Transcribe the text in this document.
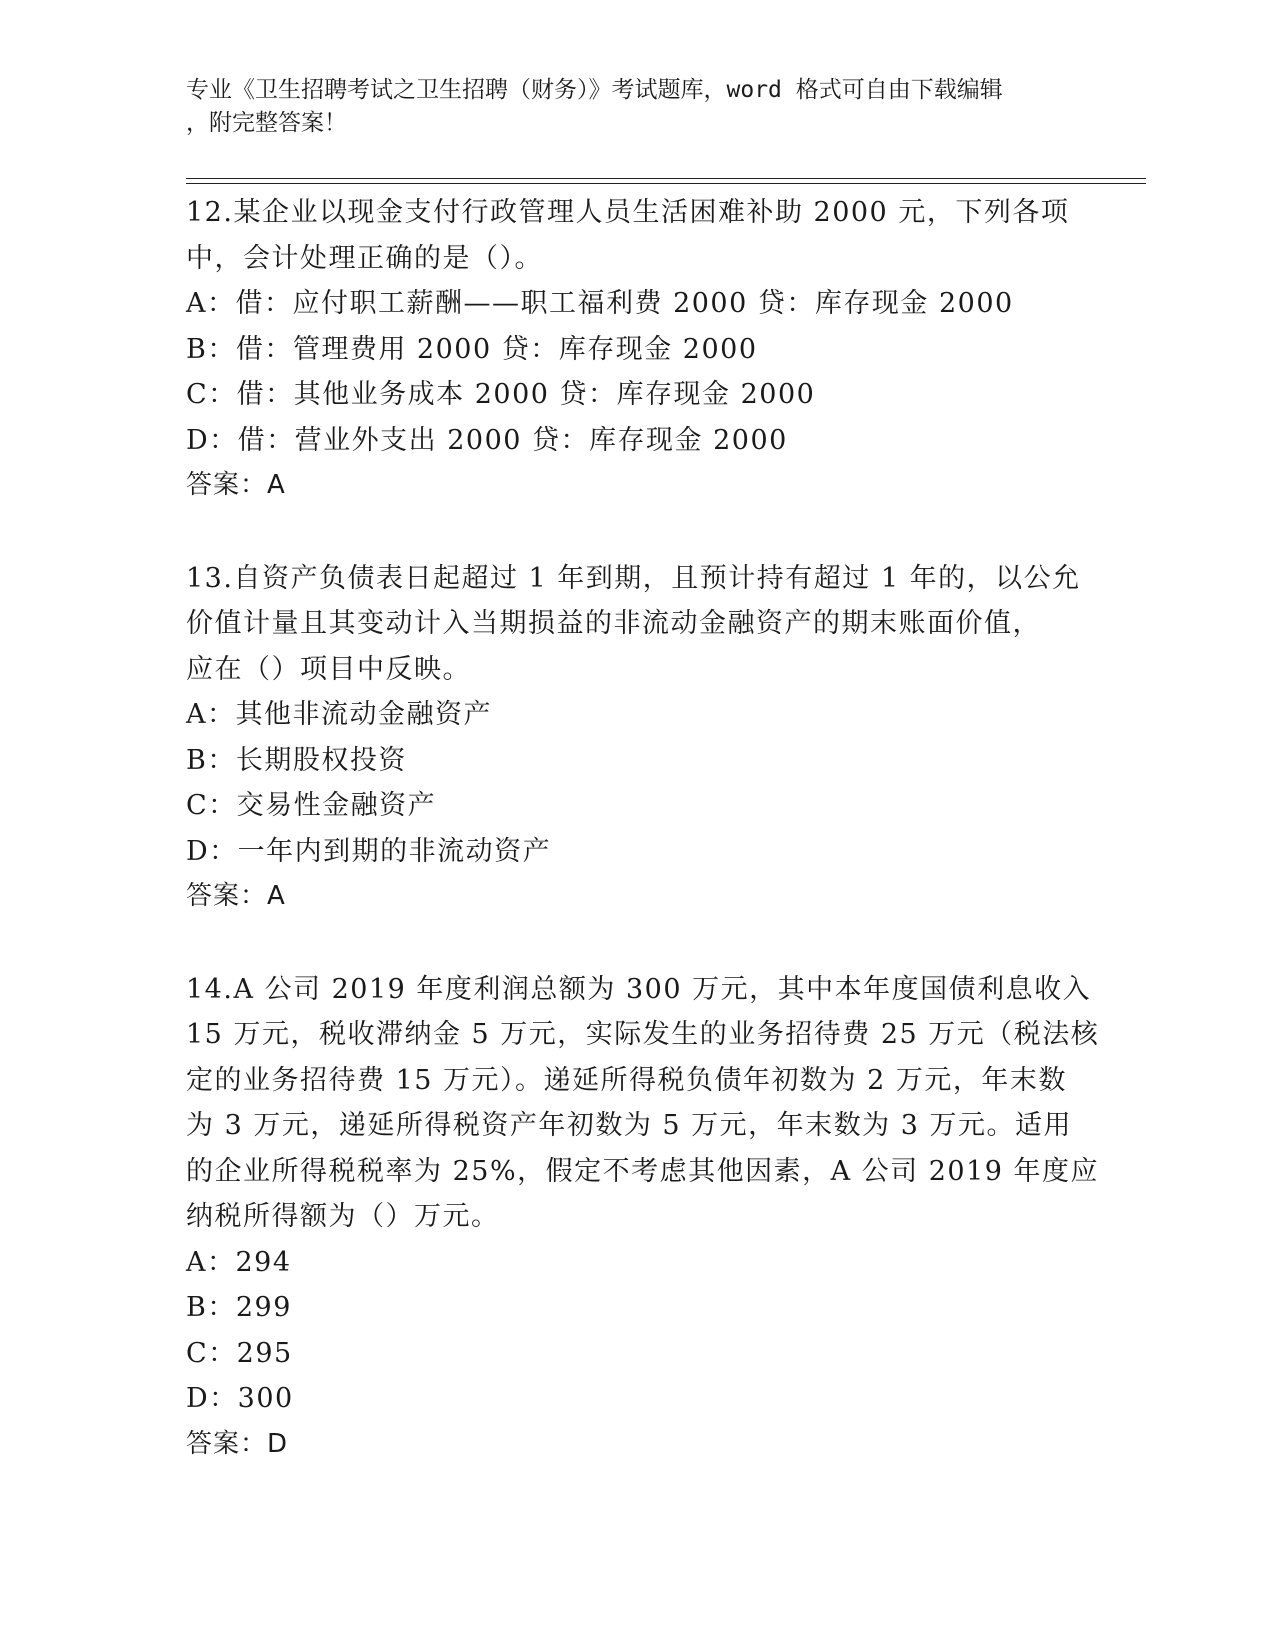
专业《卫生招聘考试之卫生招聘（财务）》考试题库，word 格式可自由下载编辑
，附完整答案！
12.某企业以现金支付行政管理人员生活困难补助 2000 元，下列各项
中，会计处理正确的是（）。
A：借：应付职工薪酬——职工福利费 2000 贷：库存现金 2000
B：借：管理费用 2000 贷：库存现金 2000
C：借：其他业务成本 2000 贷：库存现金 2000
D：借：营业外支出 2000 贷：库存现金 2000
答案：A
13.自资产负债表日起超过 1 年到期，且预计持有超过 1 年的，以公允
价值计量且其变动计入当期损益的非流动金融资产的期末账面价值，
应在（）项目中反映。
A：其他非流动金融资产
B：长期股权投资
C：交易性金融资产
D：一年内到期的非流动资产
答案：A
14.A 公司 2019 年度利润总额为 300 万元，其中本年度国债利息收入
15 万元，税收滞纳金 5 万元，实际发生的业务招待费 25 万元（税法核
定的业务招待费 15 万元）。递延所得税负债年初数为 2 万元，年末数
为 3 万元，递延所得税资产年初数为 5 万元，年末数为 3 万元。适用
的企业所得税税率为 25%，假定不考虑其他因素，A 公司 2019 年度应
纳税所得额为（）万元。
A：294
B：299
C：295
D：300
答案：D
